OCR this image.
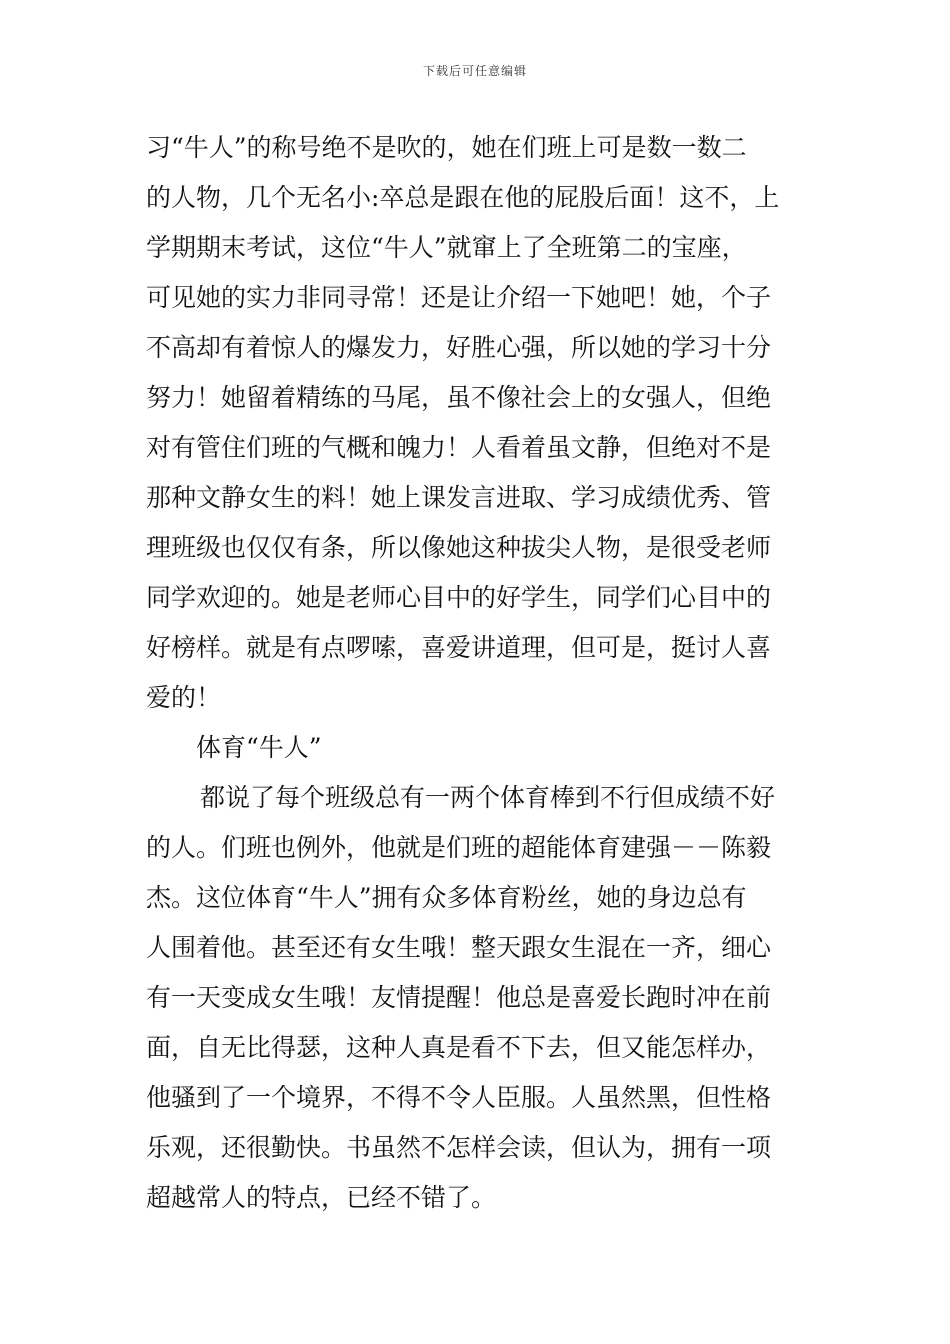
下载后可任意编辑
习“牛人”的称号绝不是吹的，她在们班上可是数一数二
的人物，几个无名小:卒总是跟在他的屁股后面！这不，上
学期期末考试，这位“牛人”就窜上了全班第二的宝座，
可见她的实力非同寻常！还是让介绍一下她吧！她，个子
不高却有着惊人的爆发力，好胜心强，所以她的学习十分
努力！她留着精练的马尾，虽不像社会上的女强人，但绝
对有管住们班的气概和魄力！人看着虽文静，但绝对不是
那种文静女生的料！她上课发言进取、学习成绩优秀、管
理班级也仅仅有条，所以像她这种拔尖人物，是很受老师
同学欢迎的。她是老师心目中的好学生，同学们心目中的
好榜样。就是有点啰嗦，喜爱讲道理，但可是，挺讨人喜
爱的！
体育“牛人”
都说了每个班级总有一两个体育棒到不行但成绩不好
的人。们班也例外，他就是们班的超能体育建强－－陈毅
杰。这位体育“牛人”拥有众多体育粉丝，她的身边总有
人围着他。甚至还有女生哦！整天跟女生混在一齐，细心
有一天变成女生哦！友情提醒！他总是喜爱长跑时冲在前
面，自无比得瑟，这种人真是看不下去，但又能怎样办，
他骚到了一个境界，不得不令人臣服。人虽然黑，但性格
乐观，还很勤快。书虽然不怎样会读，但认为，拥有一项
超越常人的特点，已经不错了。
